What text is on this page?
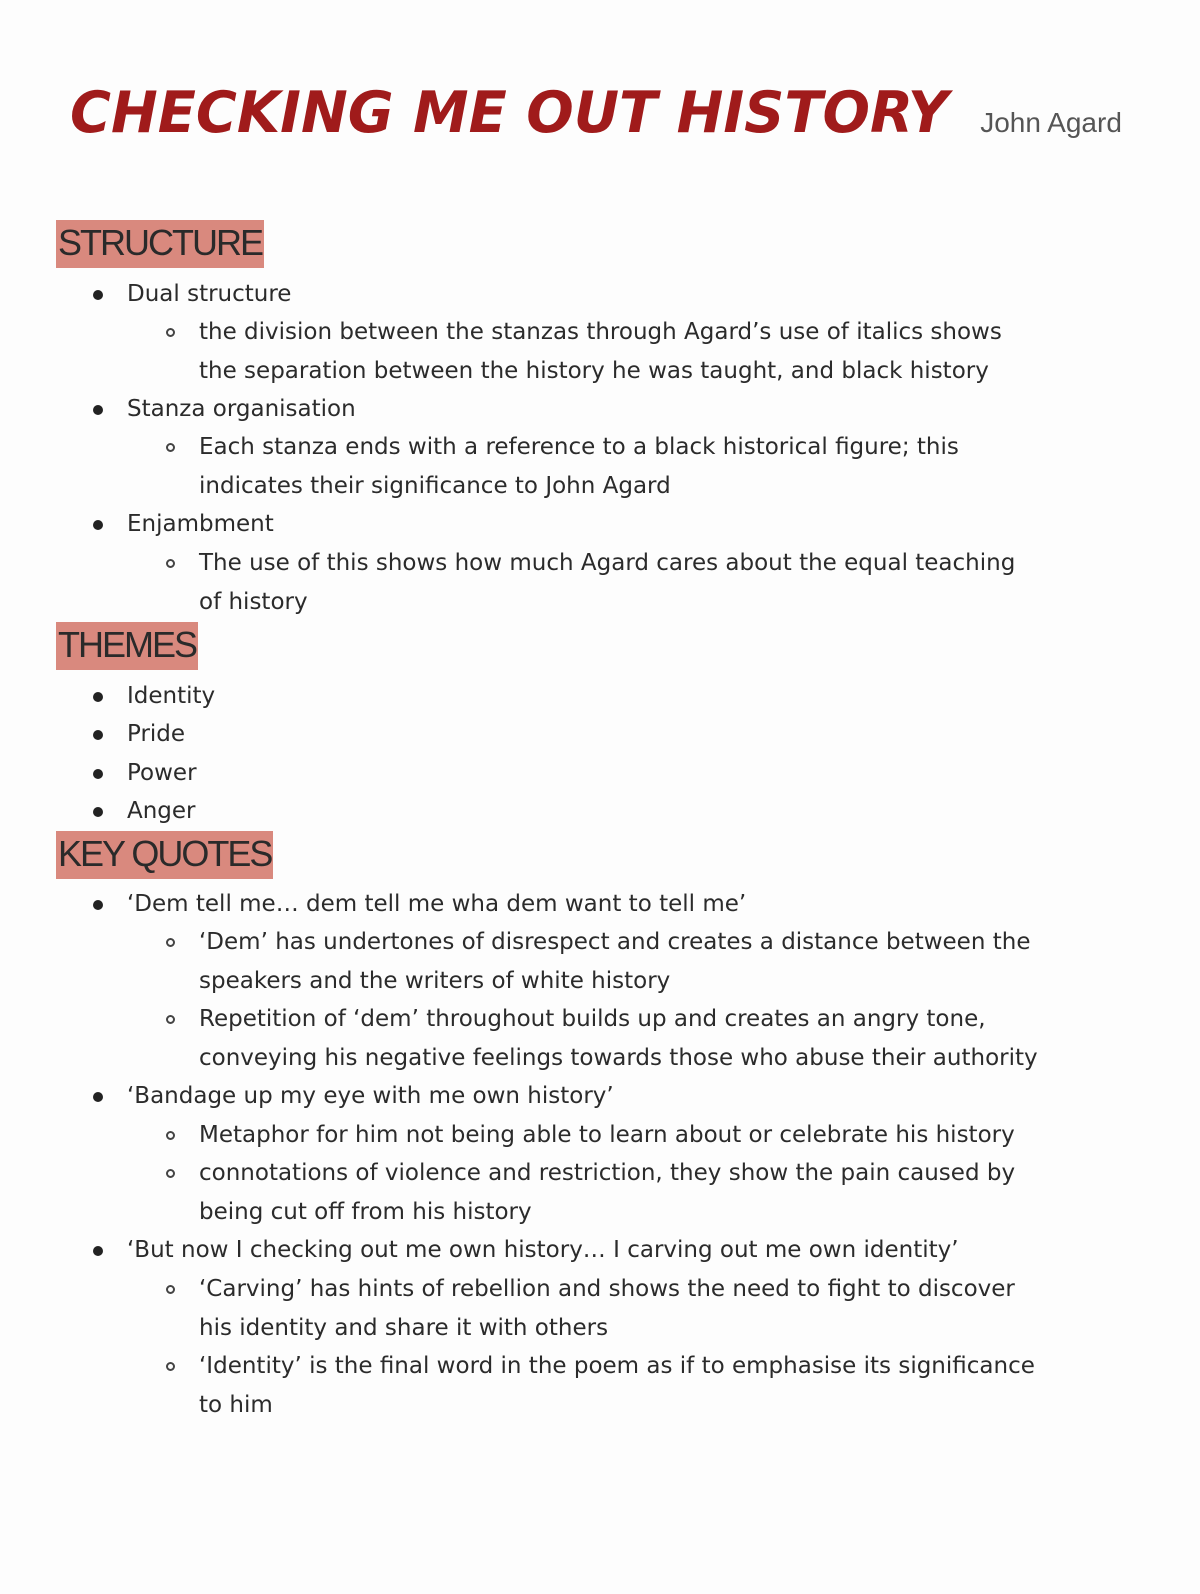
CHECKING ME OUT HISTORY John Agard
STRUCTURE
Dual structure
the division between the stanzas through Agard’s use of italics shows
the separation between the history he was taught, and black history
Stanza organisation
Each stanza ends with a reference to a black historical figure; this
indicates their significance to John Agard
Enjambment
The use of this shows how much Agard cares about the equal teaching
of history
THEMES
Identity
Pride
Power
Anger
KEY QUOTES
‘Dem tell me… dem tell me wha dem want to tell me’
‘Dem’ has undertones of disrespect and creates a distance between the
speakers and the writers of white history
Repetition of ‘dem’ throughout builds up and creates an angry tone,
conveying his negative feelings towards those who abuse their authority
‘Bandage up my eye with me own history’
Metaphor for him not being able to learn about or celebrate his history
connotations of violence and restriction, they show the pain caused by
being cut off from his history
‘But now I checking out me own history… I carving out me own identity’
‘Carving’ has hints of rebellion and shows the need to fight to discover
his identity and share it with others
‘Identity’ is the final word in the poem as if to emphasise its significance
to him
